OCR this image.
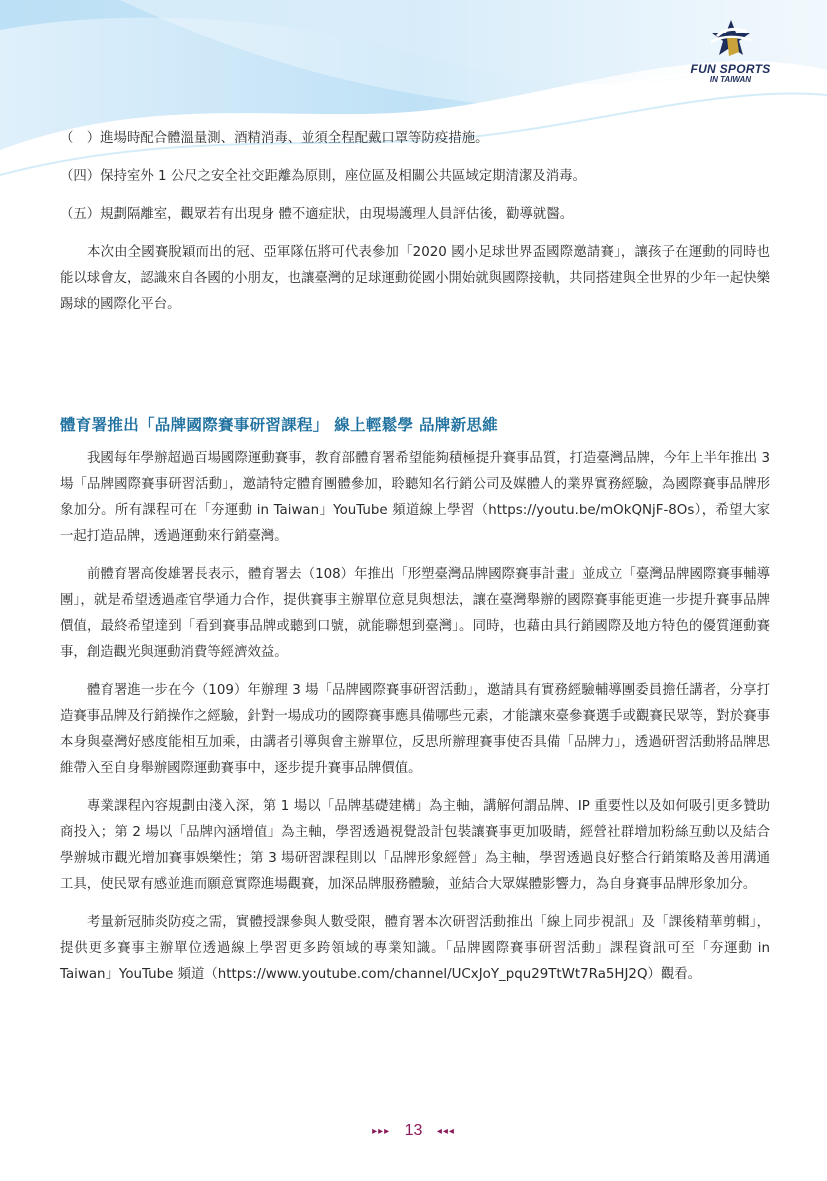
FUN SPORTS
IN TAIWAN

（　）進場時配合體溫量測、酒精消毒、並須全程配戴口罩等防疫措施。

（四）保持室外 1 公尺之安全社交距離為原則，座位區及相關公共區域定期清潔及消毒。

（五）規劃隔離室，觀眾若有出現身 體不適症狀，由現場護理人員評估後，勸導就醫。

本次由全國賽脫穎而出的冠、亞軍隊伍將可代表參加「2020 國小足球世界盃國際邀請賽」，讓孩子在運動的同時也能以球會友，認識來自各國的小朋友，也讓臺灣的足球運動從國小開始就與國際接軌，共同搭建與全世界的少年一起快樂踢球的國際化平台。

體育署推出「品牌國際賽事研習課程」 線上輕鬆學 品牌新思維

我國每年學辦超過百場國際運動賽事，教育部體育署希望能夠積極提升賽事品質，打造臺灣品牌，今年上半年推出 3 場「品牌國際賽事研習活動」，邀請特定體育團體參加，聆聽知名行銷公司及媒體人的業界實務經驗，為國際賽事品牌形象加分。所有課程可在「夯運動 in Taiwan」YouTube 頻道線上學習（https://youtu.be/mOkQNjF-8Os），希望大家一起打造品牌，透過運動來行銷臺灣。

前體育署高俊雄署長表示，體育署去（108）年推出「形塑臺灣品牌國際賽事計畫」並成立「臺灣品牌國際賽事輔導團」，就是希望透過產官學通力合作，提供賽事主辦單位意見與想法，讓在臺灣舉辦的國際賽事能更進一步提升賽事品牌價值，最終希望達到「看到賽事品牌或聽到口號，就能聯想到臺灣」。同時，也藉由具行銷國際及地方特色的優質運動賽事，創造觀光與運動消費等經濟效益。

體育署進一步在今（109）年辦理 3 場「品牌國際賽事研習活動」，邀請具有實務經驗輔導團委員擔任講者，分享打造賽事品牌及行銷操作之經驗，針對一場成功的國際賽事應具備哪些元素，才能讓來臺參賽選手或觀賽民眾等，對於賽事本身與臺灣好感度能相互加乘，由講者引導與會主辦單位，反思所辦理賽事使否具備「品牌力」，透過研習活動將品牌思維帶入至自身舉辦國際運動賽事中，逐步提升賽事品牌價值。

專業課程內容規劃由淺入深，第 1 場以「品牌基礎建構」為主軸，講解何謂品牌、IP 重要性以及如何吸引更多贊助商投入；第 2 場以「品牌內涵增值」為主軸，學習透過視覺設計包裝讓賽事更加吸睛，經營社群增加粉絲互動以及結合學辦城市觀光增加賽事娛樂性；第 3 場研習課程則以「品牌形象經營」為主軸，學習透過良好整合行銷策略及善用溝通工具，使民眾有感並進而願意實際進場觀賽，加深品牌服務體驗，並結合大眾媒體影響力，為自身賽事品牌形象加分。

考量新冠肺炎防疫之需，實體授課參與人數受限，體育署本次研習活動推出「線上同步視訊」及「課後精華剪輯」，提供更多賽事主辦單位透過線上學習更多跨領域的專業知識。「品牌國際賽事研習活動」課程資訊可至「夯運動 in Taiwan」YouTube 頻道（https://www.youtube.com/channel/UCxJoY_pqu29TtWt7Ra5HJ2Q）觀看。

▸▸▸ 13 ◂◂◂
